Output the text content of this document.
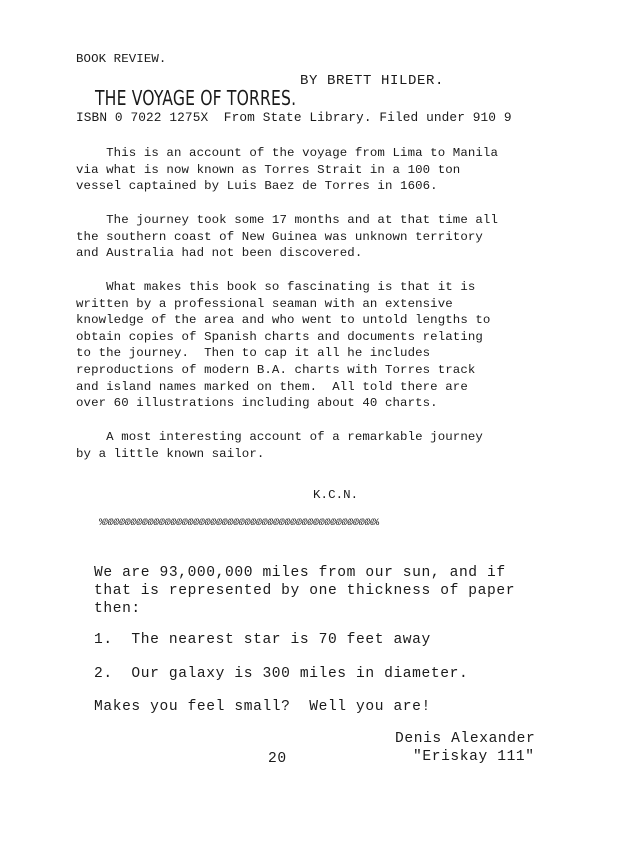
BOOK REVIEW.

THE VOYAGE OF TORRES.

BY BRETT HILDER.

ISBN 0 7022 1275X  From State Library. Filed under 910 9
This is an account of the voyage from Lima to Manila
via what is now known as Torres Strait in a 100 ton
vessel captained by Luis Baez de Torres in 1606.
The journey took some 17 months and at that time all
the southern coast of New Guinea was unknown territory
and Australia had not been discovered.
What makes this book so fascinating is that it is
written by a professional seaman with an extensive
knowledge of the area and who went to untold lengths to
obtain copies of Spanish charts and documents relating
to the journey.  Then to cap it all he includes
reproductions of modern B.A. charts with Torres track
and island names marked on them.  All told there are
over 60 illustrations including about 40 charts.
A most interesting account of a remarkable journey
by a little known sailor.
K.C.N.
%%%%%%%%%%%%%%%%%%%%%%%%%%%%%%%%%%%%%%%%%%%%%%%%%
We are 93,000,000 miles from our sun, and if
that is represented by one thickness of paper
then:
1.  The nearest star is 70 feet away
2.  Our galaxy is 300 miles in diameter.
Makes you feel small?  Well you are!
Denis Alexander
"Eriskay 111"
20
